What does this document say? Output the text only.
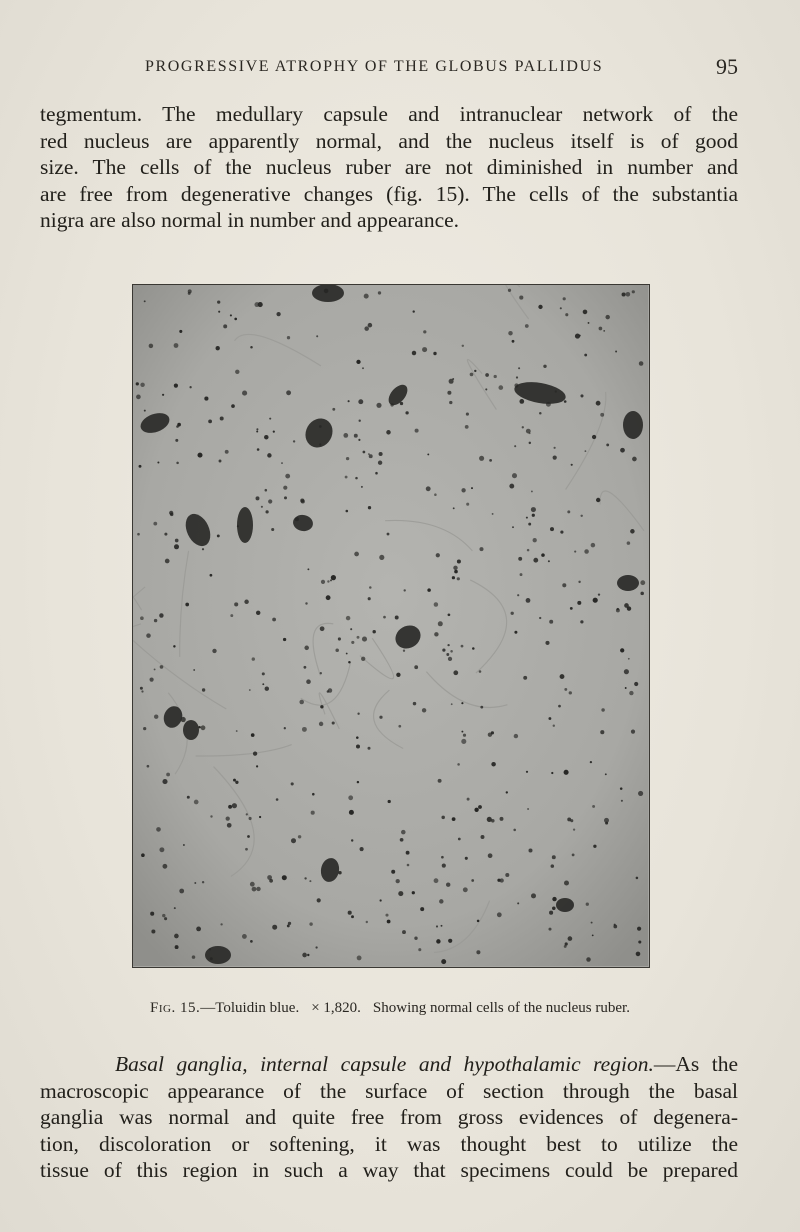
PROGRESSIVE ATROPHY OF THE GLOBUS PALLIDUS	95

tegmentum. The medullary capsule and intranuclear network of the
red nucleus are apparently normal, and the nucleus itself is of good
size. The cells of the nucleus ruber are not diminished in number and
are free from degenerative changes (fig. 15). The cells of the substantia
nigra are also normal in number and appearance.

Fig. 15.—Toluidin blue. × 1,820. Showing normal cells of the nucleus ruber.

Basal ganglia, internal capsule and hypothalamic region.—As the
macroscopic appearance of the surface of section through the basal
ganglia was normal and quite free from gross evidences of degenera-
tion, discoloration or softening, it was thought best to utilize the
tissue of this region in such a way that specimens could be prepared
